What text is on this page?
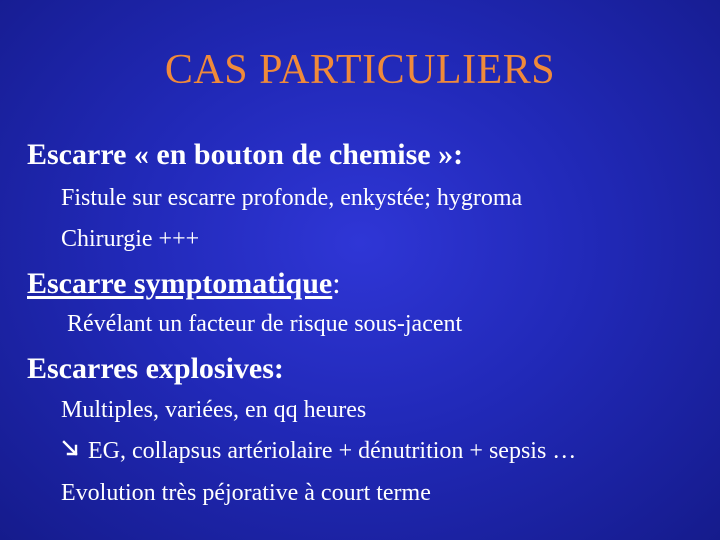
CAS PARTICULIERS
Escarre « en bouton de chemise »:
Fistule sur escarre profonde, enkystée; hygroma
Chirurgie +++
Escarre symptomatique:
Révélant un facteur de risque sous-jacent
Escarres explosives:
Multiples, variées, en qq heures
EG, collapsus artériolaire + dénutrition + sepsis …
Evolution très péjorative à court terme
